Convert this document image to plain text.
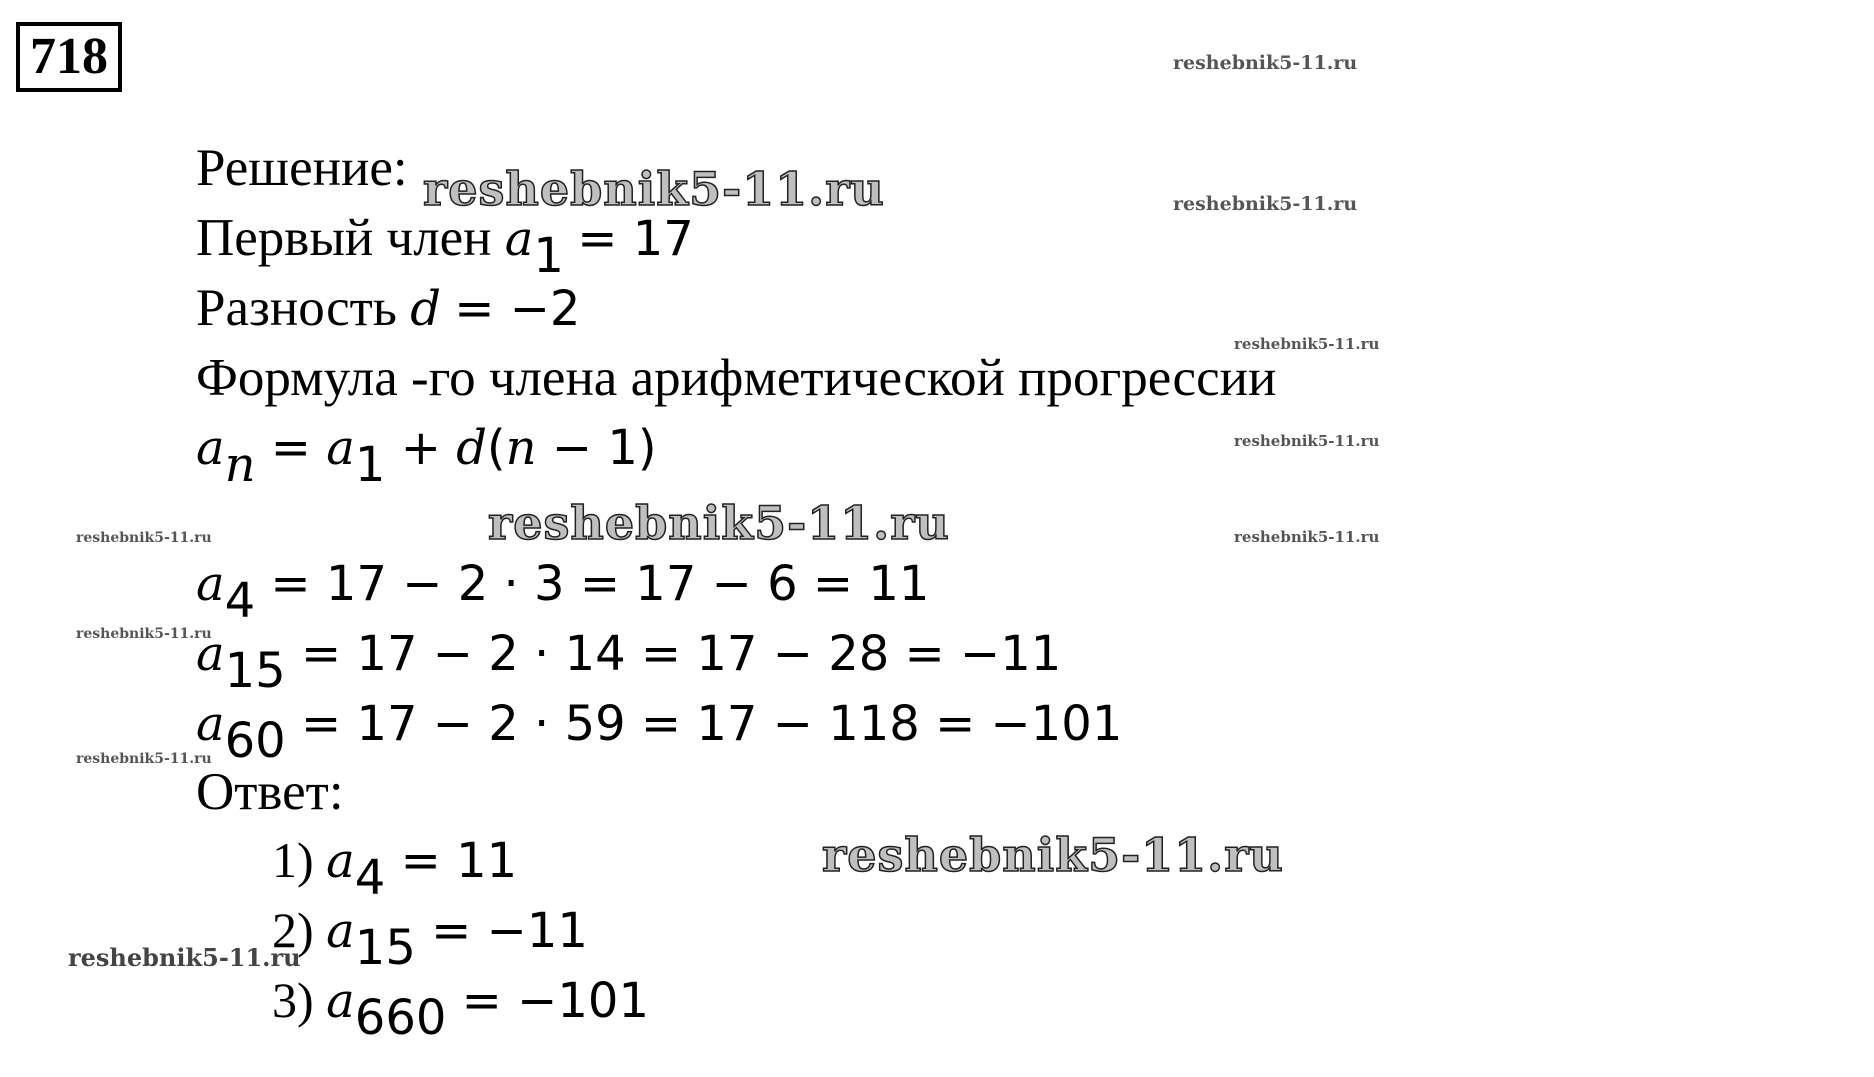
718
Решение:
Первый член $a_1 = 17$
Разность d = −2
Формула -го члена арифметической прогрессии
$a_n = a_1 + d(n - 1)$
$a_4 = 17 - 2 \cdot 3 = 17 - 6 = 11$
$a_{15} = 17 - 2 \cdot 14 = 17 - 28 = -11$
$a_{60} = 17 - 2 \cdot 59 = 17 - 118 = -101$
Ответ:
1) $a_4 = 11$
2) $a_{15} = -11$
3) $a_{660} = -101$
reshebnik5-11.ru
reshebnik5-11.ru	reshebnik5-11.ru
reshebnik5-11.ru
reshebnik5-11.ru
reshebnik5-11.ru
reshebnik5-11.ru	reshebnik5-11.ru
reshebnik5-11.ru
reshebnik5-11.ru
reshebnik5-11.ru
reshebnik5-11.ru
